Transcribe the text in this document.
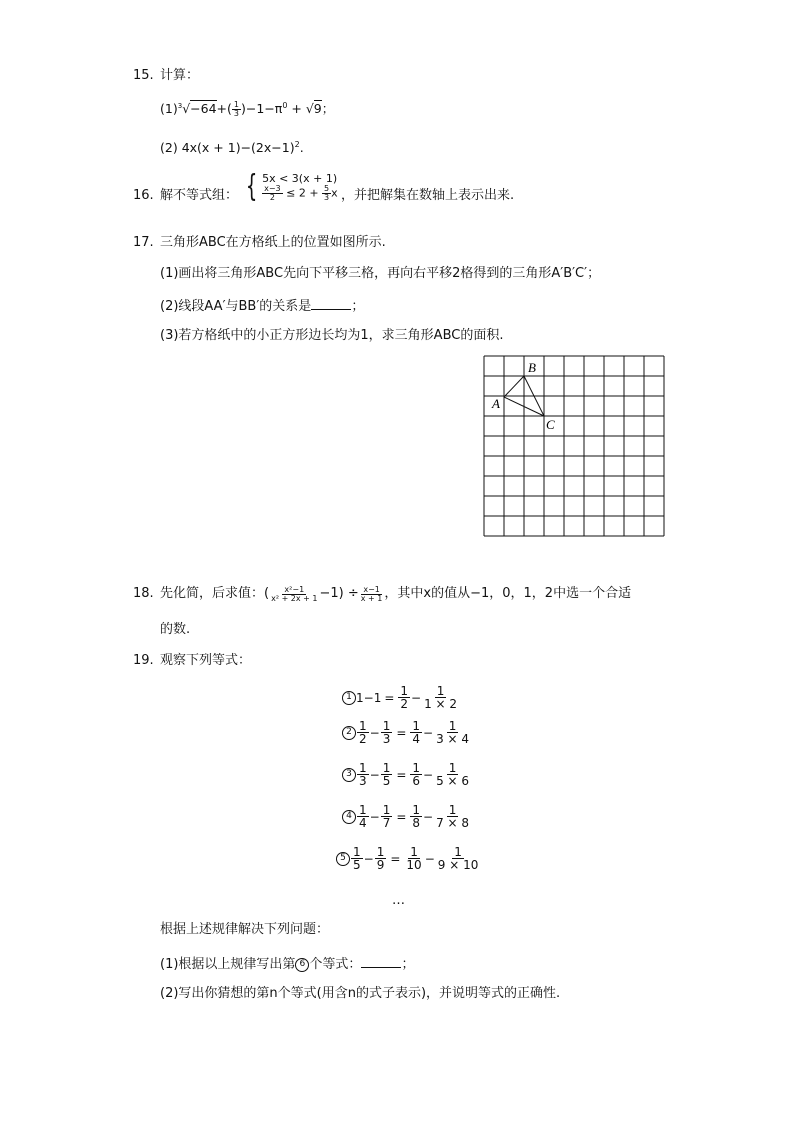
15. 计算：
$(1)^3√-64+( \frac{1}{3} )-1-\pi^0 + √9$；
(2) $4x(x + 1)-(2x-1)^2$.
16. 解不等式组： { 5x < 3(x + 1)
$\frac{x-3}{2} \le 2 + \frac{5}{3}$ x ，并把解集在数轴上表示出来.
17. 三角形ABC在方格纸上的位置如图所示.
(1)画出将三角形ABC先向下平移三格，再向右平移2格得到的三角形A′B′C′；
(2)线段AA′与BB′的关系是	；
(3)若方格纸中的小正方形边长均为1，求三角形ABC的面积.
A
B
C
18. 先化简，后求值：( $\frac{\text{x²−1}}{\text{x² + 2x + 1}} -1) \div \frac{x-1}{x + 1}$ ，其中x的值从−1，0，1，2中选一个合适
的数.
19. 观察下列等式：
1 $1-1 = \frac{1}{2} - \frac{1}{1 \times 2}$
$2 \frac{1}{2} - \frac{1}{3} = \frac{1}{4} - \frac{1}{3 \times 4}$
$3 \frac{1}{3} - \frac{1}{5} = \frac{1}{6} - \frac{1}{5 \times 6}$
$4 \frac{1}{4} - \frac{1}{7} = \frac{1}{8} - \frac{1}{7 \times 8}$
$5 \frac{1}{5} - \frac{1}{9} = \frac{1}{10} - \frac{1}{9 \times 10}$
…
根据上述规律解决下列问题：
(1)根据以上规律写出第 6 个等式：	；
(2)写出你猜想的第n个等式(用含n的式子表示)，并说明等式的正确性.
